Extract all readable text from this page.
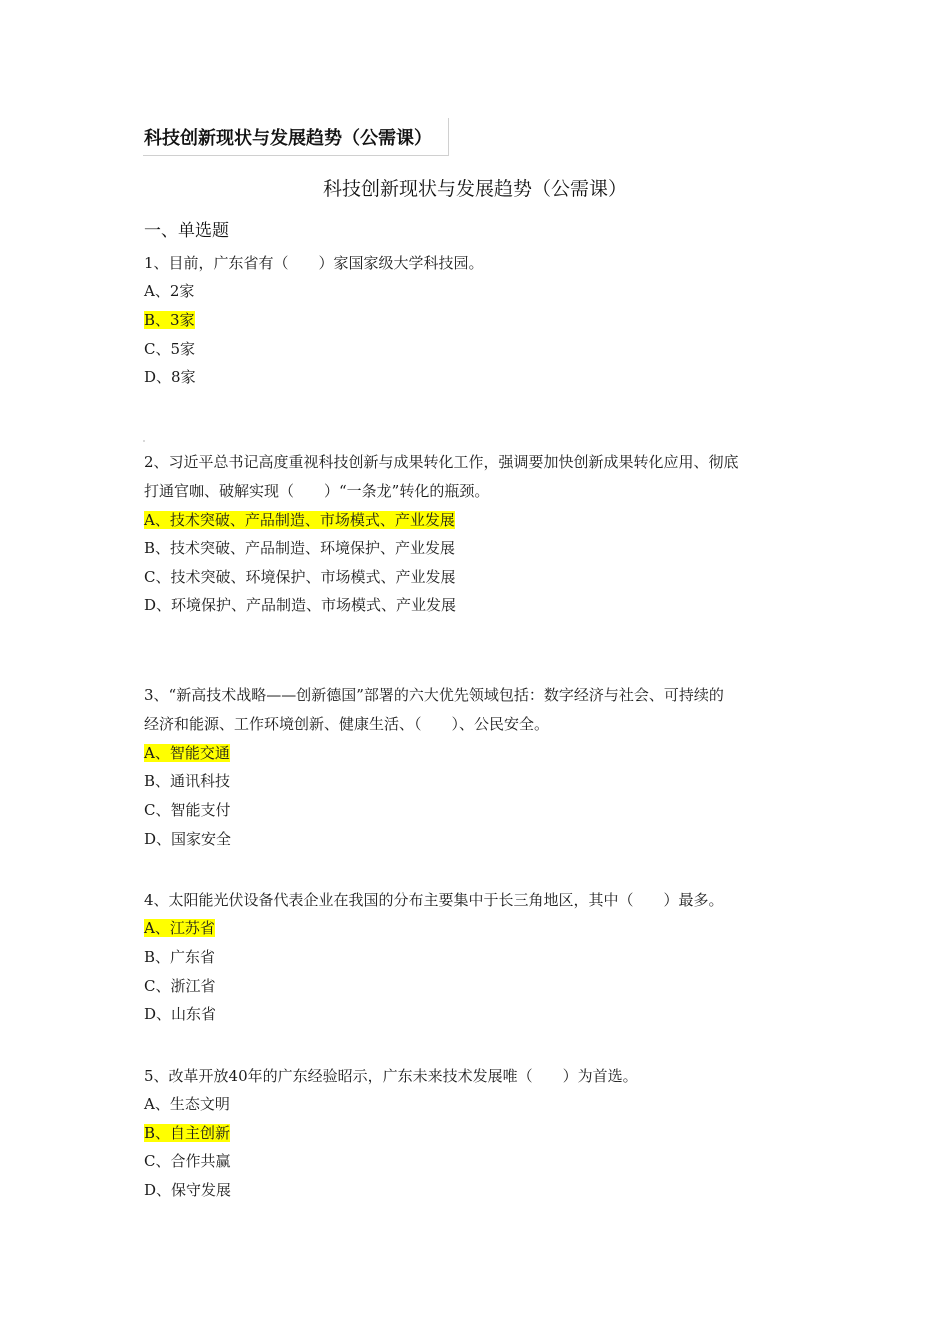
科技创新现状与发展趋势（公需课）
科技创新现状与发展趋势（公需课）
一、单选题
1、目前，广东省有（　　）家国家级大学科技园。
A、2家
B、3家
C、5家
D、8家
2、习近平总书记高度重视科技创新与成果转化工作，强调要加快创新成果转化应用、彻底
打通官咖、破解实现（　　）“一条龙”转化的瓶颈。
A、技术突破、产品制造、市场模式、产业发展
B、技术突破、产品制造、环境保护、产业发展
C、技术突破、环境保护、市场模式、产业发展
D、环境保护、产品制造、市场模式、产业发展
3、“新高技术战略——创新德国”部署的六大优先领域包括：数字经济与社会、可持续的
经济和能源、工作环境创新、健康生活、（　　）、公民安全。
A、智能交通
B、通讯科技
C、智能支付
D、国家安全
4、太阳能光伏设备代表企业在我国的分布主要集中于长三角地区，其中（　　）最多。
A、江苏省
B、广东省
C、浙江省
D、山东省
5、改革开放40年的广东经验昭示，广东未来技术发展唯（　　）为首选。
A、生态文明
B、自主创新
C、合作共赢
D、保守发展
